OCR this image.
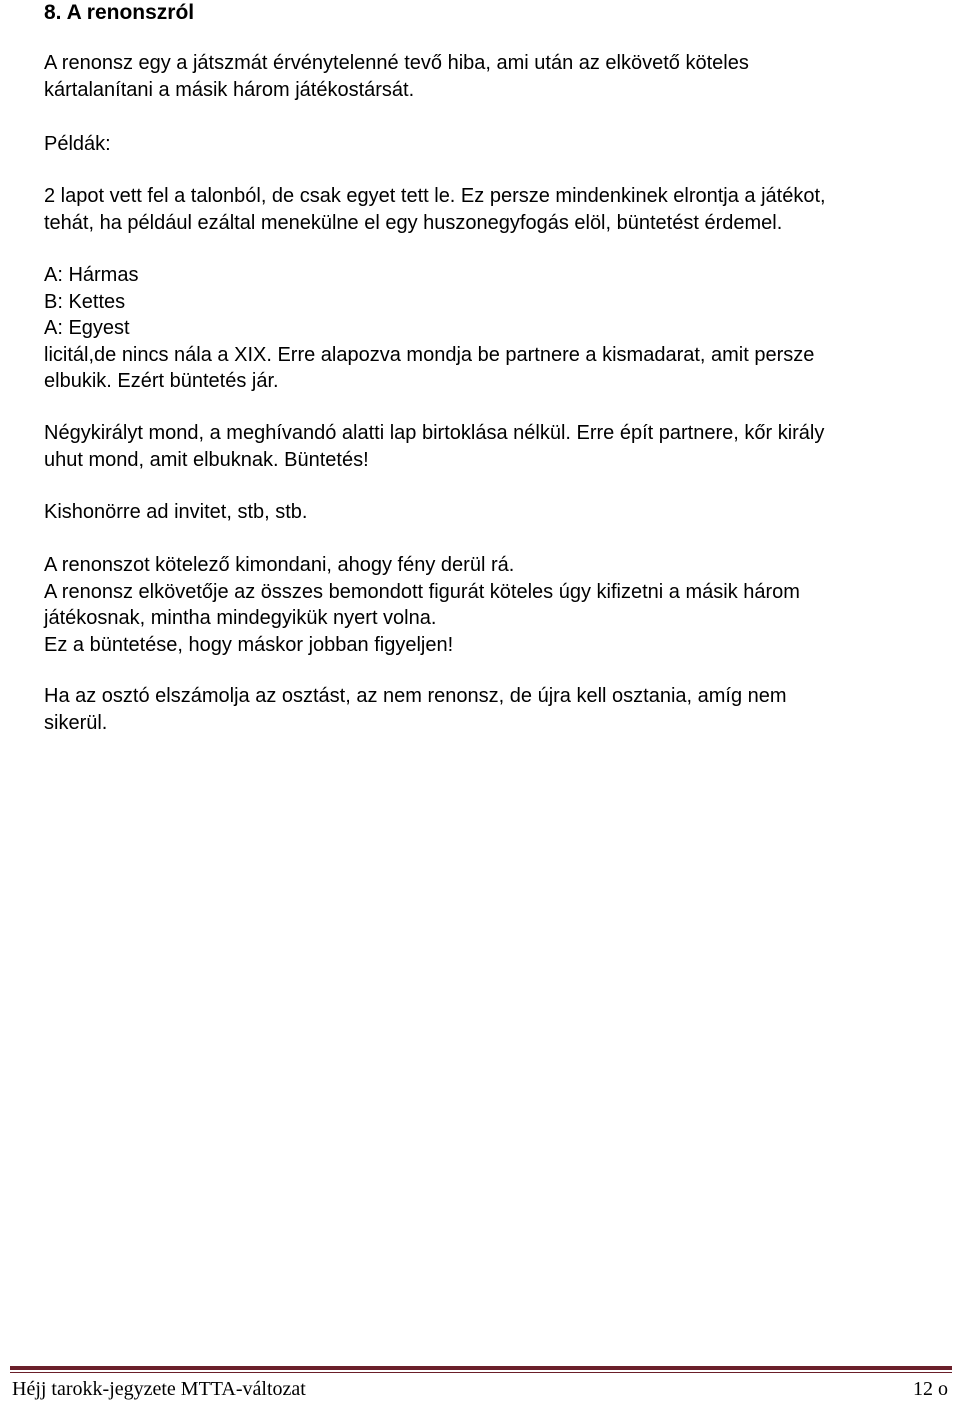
8. A renonszról

A renonsz egy a játszmát érvénytelenné tevő hiba, ami után az elkövető köteles
kártalanítani a másik három játékostársát.

Példák:

2 lapot vett fel a talonból, de csak egyet tett le. Ez persze mindenkinek elrontja a játékot,
tehát, ha például ezáltal menekülne el egy huszonegyfogás elöl, büntetést érdemel.

A: Hármas
B: Kettes
A: Egyest
licitál,de nincs nála a XIX. Erre alapozva mondja be partnere a kismadarat, amit persze
elbukik. Ezért büntetés jár.

Négykirályt mond, a meghívandó alatti lap birtoklása nélkül. Erre épít partnere, kőr király
uhut mond, amit elbuknak. Büntetés!

Kishonörre ad invitet, stb, stb.

A renonszot kötelező kimondani, ahogy fény derül rá.
A renonsz elkövetője az összes bemondott figurát köteles úgy kifizetni a másik három
játékosnak, mintha mindegyikük nyert volna.
Ez a büntetése, hogy máskor jobban figyeljen!

Ha az osztó elszámolja az osztást, az nem renonsz, de újra kell osztania, amíg nem
sikerül.

Héjj tarokk-jegyzete MTTA-változat	12 o
